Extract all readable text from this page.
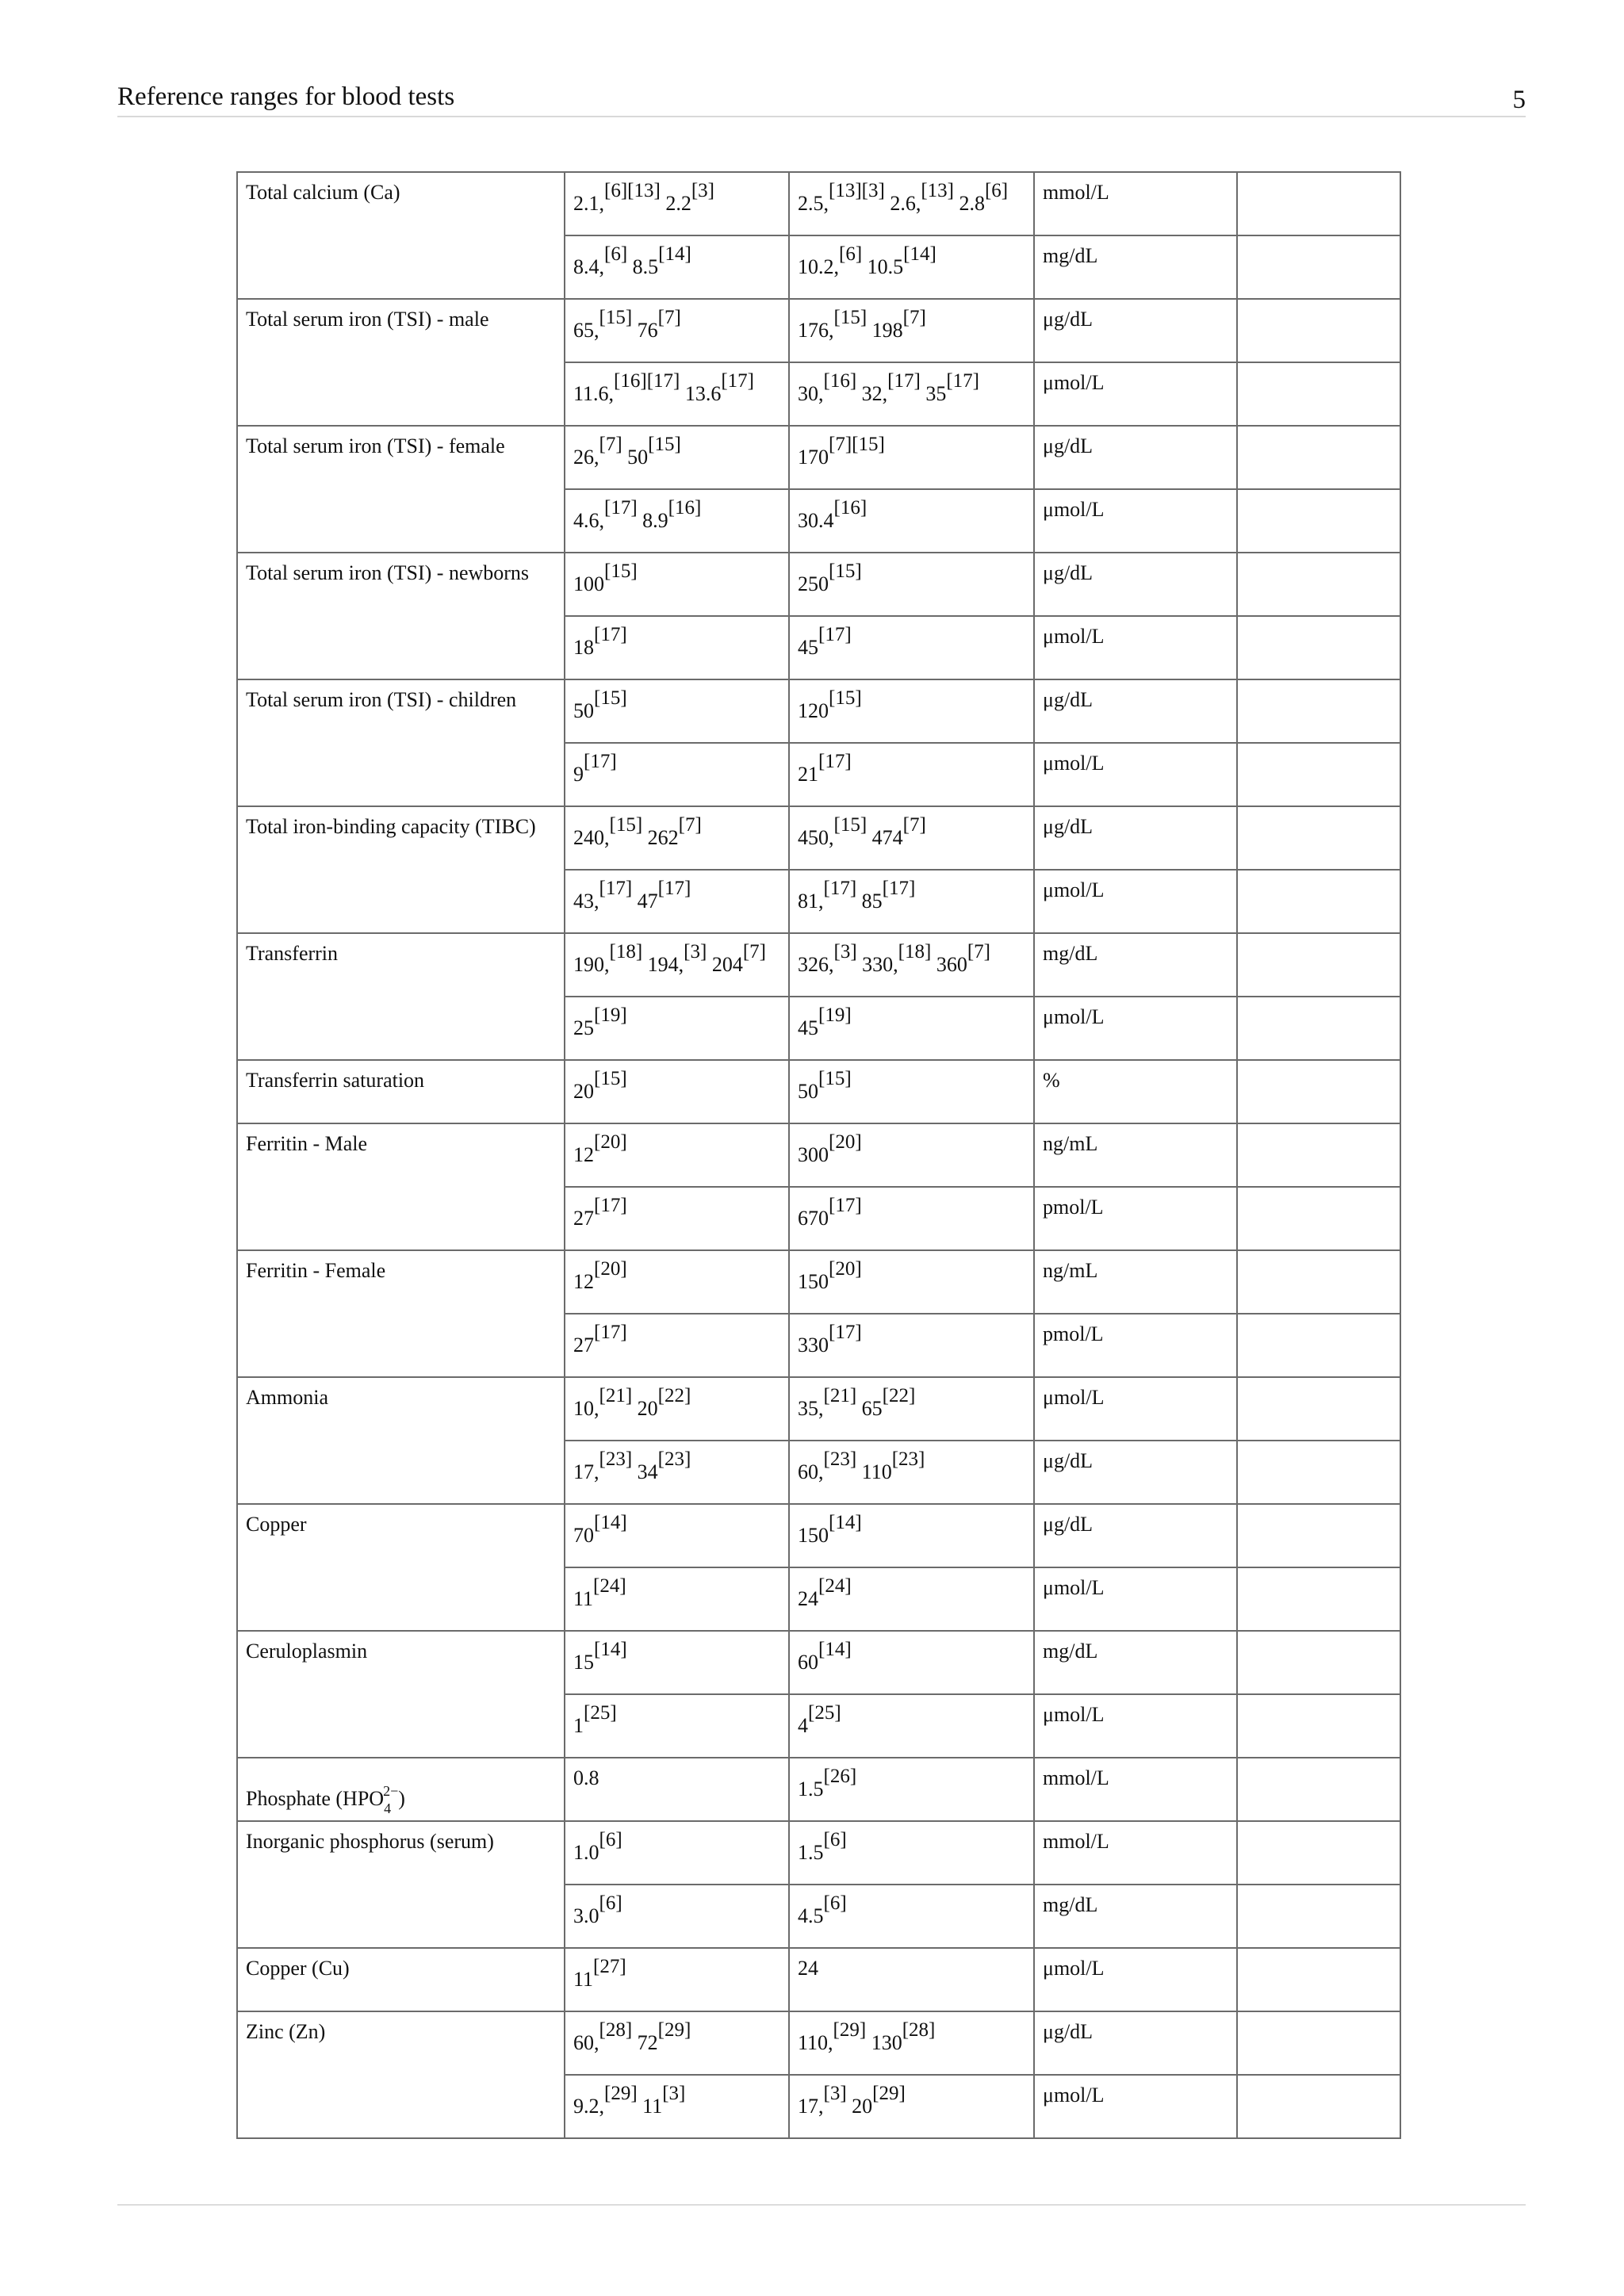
Reference ranges for blood tests	5
Total calcium (Ca)	2.1,[6][13] 2.2[3]	2.5,[13][3] 2.6,[13] 2.8[6]	mmol/L	
	8.4,[6] 8.5[14]	10.2,[6] 10.5[14]	mg/dL	
Total serum iron (TSI) - male	65,[15] 76[7]	176,[15] 198[7]	μg/dL	
	11.6,[16][17] 13.6[17]	30,[16] 32,[17] 35[17]	μmol/L	
Total serum iron (TSI) - female	26,[7] 50[15]	170[7][15]	μg/dL	
	4.6,[17] 8.9[16]	30.4[16]	μmol/L	
Total serum iron (TSI) - newborns	100[15]	250[15]	μg/dL	
	18[17]	45[17]	μmol/L	
Total serum iron (TSI) - children	50[15]	120[15]	μg/dL	
	9[17]	21[17]	μmol/L	
Total iron-binding capacity (TIBC)	240,[15] 262[7]	450,[15] 474[7]	μg/dL	
	43,[17] 47[17]	81,[17] 85[17]	μmol/L	
Transferrin	190,[18] 194,[3] 204[7]	326,[3] 330,[18] 360[7]	mg/dL	
	25[19]	45[19]	μmol/L	
Transferrin saturation	20[15]	50[15]	%	
Ferritin - Male	12[20]	300[20]	ng/mL	
	27[17]	670[17]	pmol/L	
Ferritin - Female	12[20]	150[20]	ng/mL	
	27[17]	330[17]	pmol/L	
Ammonia	10,[21] 20[22]	35,[21] 65[22]	μmol/L	
	17,[23] 34[23]	60,[23] 110[23]	μg/dL	
Copper	70[14]	150[14]	μg/dL	
	11[24]	24[24]	μmol/L	
Ceruloplasmin	15[14]	60[14]	mg/dL	
	1[25]	4[25]	μmol/L	
Phosphate $(HPO_4^{2-})$	0.8	1.5[26]	mmol/L	
Inorganic phosphorus (serum)	1.0[6]	1.5[6]	mmol/L	
	3.0[6]	4.5[6]	mg/dL	
Copper (Cu)	11[27]	24	μmol/L	
Zinc (Zn)	60,[28] 72[29]	110,[29] 130[28]	μg/dL	
	9.2,[29] 11[3]	17,[3] 20[29]	μmol/L	
